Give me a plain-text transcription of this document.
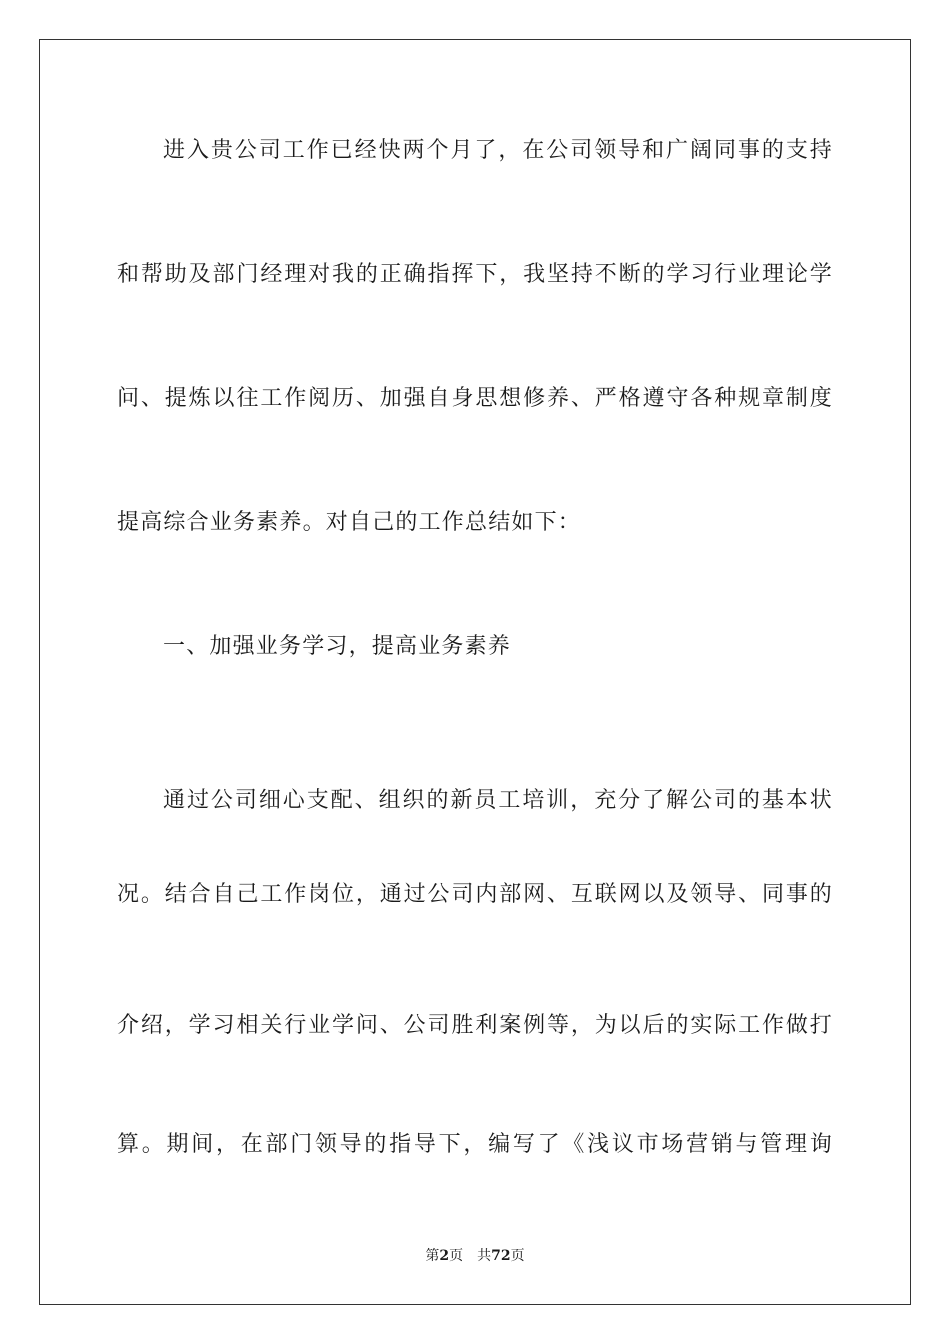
进入贵公司工作已经快两个月了，在公司领导和广阔同事的支持
和帮助及部门经理对我的正确指挥下，我坚持不断的学习行业理论学
问、提炼以往工作阅历、加强自身思想修养、严格遵守各种规章制度
提高综合业务素养。对自己的工作总结如下：
一、加强业务学习，提高业务素养
通过公司细心支配、组织的新员工培训，充分了解公司的基本状
况。结合自己工作岗位，通过公司内部网、互联网以及领导、同事的
介绍，学习相关行业学问、公司胜利案例等，为以后的实际工作做打
算。期间，在部门领导的指导下，编写了《浅议市场营销与管理询
第2页 共72页
